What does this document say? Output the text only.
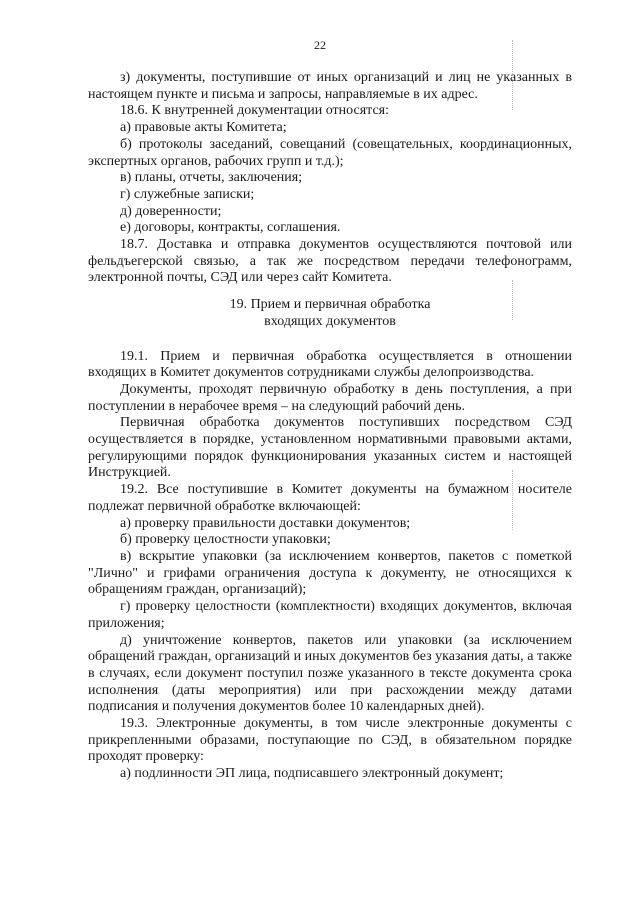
22

з) документы, поступившие от иных организаций и лиц не указанных в настоящем пункте и письма и запросы, направляемые в их адрес.

18.6. К внутренней документации относятся:

а) правовые акты Комитета;

б) протоколы заседаний, совещаний (совещательных, координационных, экспертных органов, рабочих групп и т.д.);

в) планы, отчеты, заключения;

г) служебные записки;

д) доверенности;

е) договоры, контракты, соглашения.

18.7. Доставка и отправка документов осуществляются почтовой или фельдъегерской связью, а так же посредством передачи телефонограмм, электронной почты, СЭД или через сайт Комитета.

19. Прием и первичная обработка

входящих документов

19.1. Прием и первичная обработка осуществляется в отношении входящих в Комитет документов сотрудниками службы делопроизводства.

Документы, проходят первичную обработку в день поступления, а при поступлении в нерабочее время – на следующий рабочий день.

Первичная обработка документов поступивших посредством СЭД осуществляется в порядке, установленном нормативными правовыми актами, регулирующими порядок функционирования указанных систем и настоящей Инструкцией.

19.2. Все поступившие в Комитет документы на бумажном носителе подлежат первичной обработке включающей:

а) проверку правильности доставки документов;

б) проверку целостности упаковки;

в) вскрытие упаковки (за исключением конвертов, пакетов с пометкой "Лично" и грифами ограничения доступа к документу, не относящихся к обращениям граждан, организаций);

г) проверку целостности (комплектности) входящих документов, включая приложения;

д) уничтожение конвертов, пакетов или упаковки (за исключением обращений граждан, организаций и иных документов без указания даты, а также в случаях, если документ поступил позже указанного в тексте документа срока исполнения (даты мероприятия) или при расхождении между датами подписания и получения документов более 10 календарных дней).

19.3. Электронные документы, в том числе электронные документы с прикрепленными образами, поступающие по СЭД, в обязательном порядке проходят проверку:

а) подлинности ЭП лица, подписавшего электронный документ;
